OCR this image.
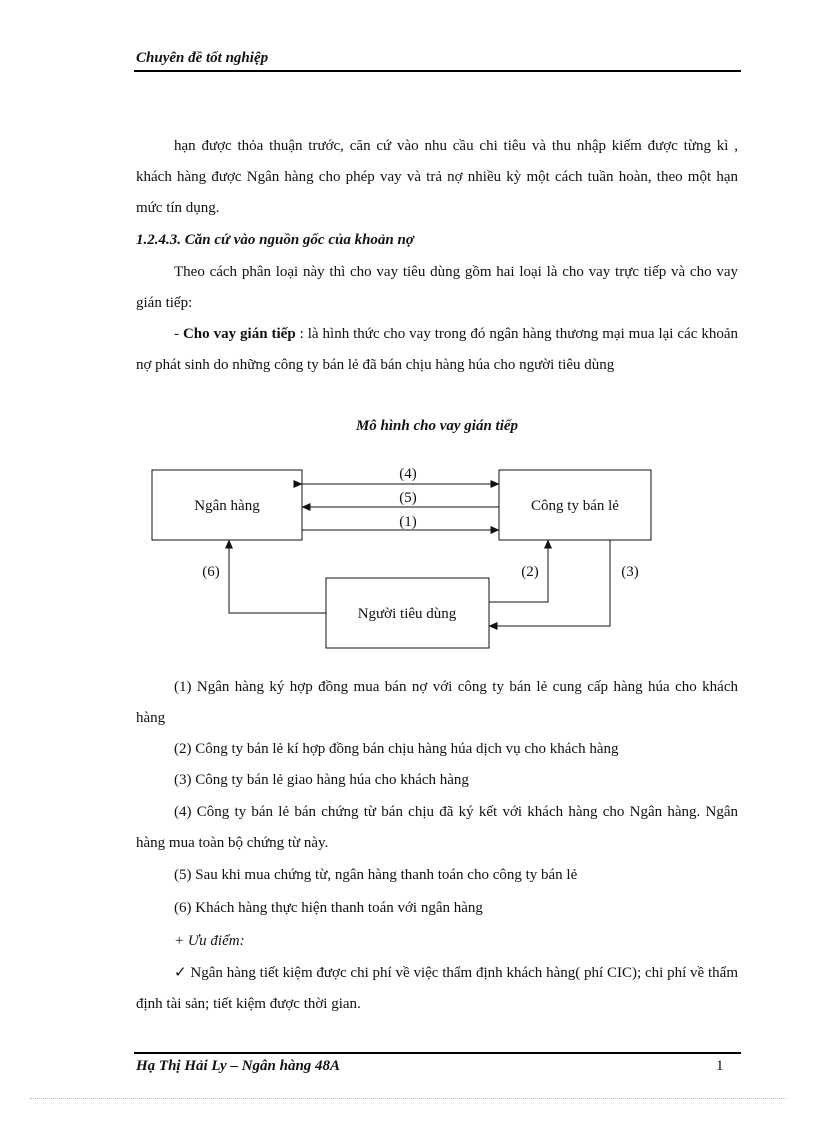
Chuyên đề tốt nghiệp

hạn được thỏa thuận trước, căn cứ vào nhu cầu chi tiêu và thu nhập kiếm được từng kì , khách hàng được Ngân hàng cho phép vay và trả nợ nhiều kỳ một cách tuần hoàn, theo một hạn mức tín dụng.

1.2.4.3. Căn cứ vào nguồn gốc của khoản nợ

Theo cách phân loại này thì cho vay tiêu dùng gồm hai loại là cho vay trực tiếp và cho vay gián tiếp:

- Cho vay gián tiếp : là hình thức cho vay trong đó ngân hàng thương mại mua lại các khoản nợ phát sinh do những công ty bán lẻ đã bán chịu hàng húa cho người tiêu dùng

Mô hình cho vay gián tiếp
Ngân hàng	Công ty bán lẻ
Người tiêu dùng
(4)
(5)
(1)
(6)	(2)	(3)

(1) Ngân hàng ký hợp đồng mua bán nợ với công ty bán lẻ cung cấp hàng húa cho khách hàng

(2) Công ty bán lẻ kí hợp đồng bán chịu hàng húa dịch vụ cho khách hàng

(3) Công ty bán lẻ giao hàng húa cho khách hàng

(4) Công ty bán lẻ bán chứng từ bán chịu đã ký kết với khách hàng cho Ngân hàng. Ngân hàng mua toàn bộ chứng từ này.

(5) Sau khi mua chứng từ, ngân hàng thanh toán cho công ty bán lẻ

(6) Khách hàng thực hiện thanh toán với ngân hàng

+ Ưu điểm:

✓ Ngân hàng tiết kiệm được chi phí về việc thẩm định khách hàng( phí CIC); chi phí về thẩm định tài sản; tiết kiệm được thời gian.

Hạ Thị Hải Ly – Ngân hàng 48A	1
